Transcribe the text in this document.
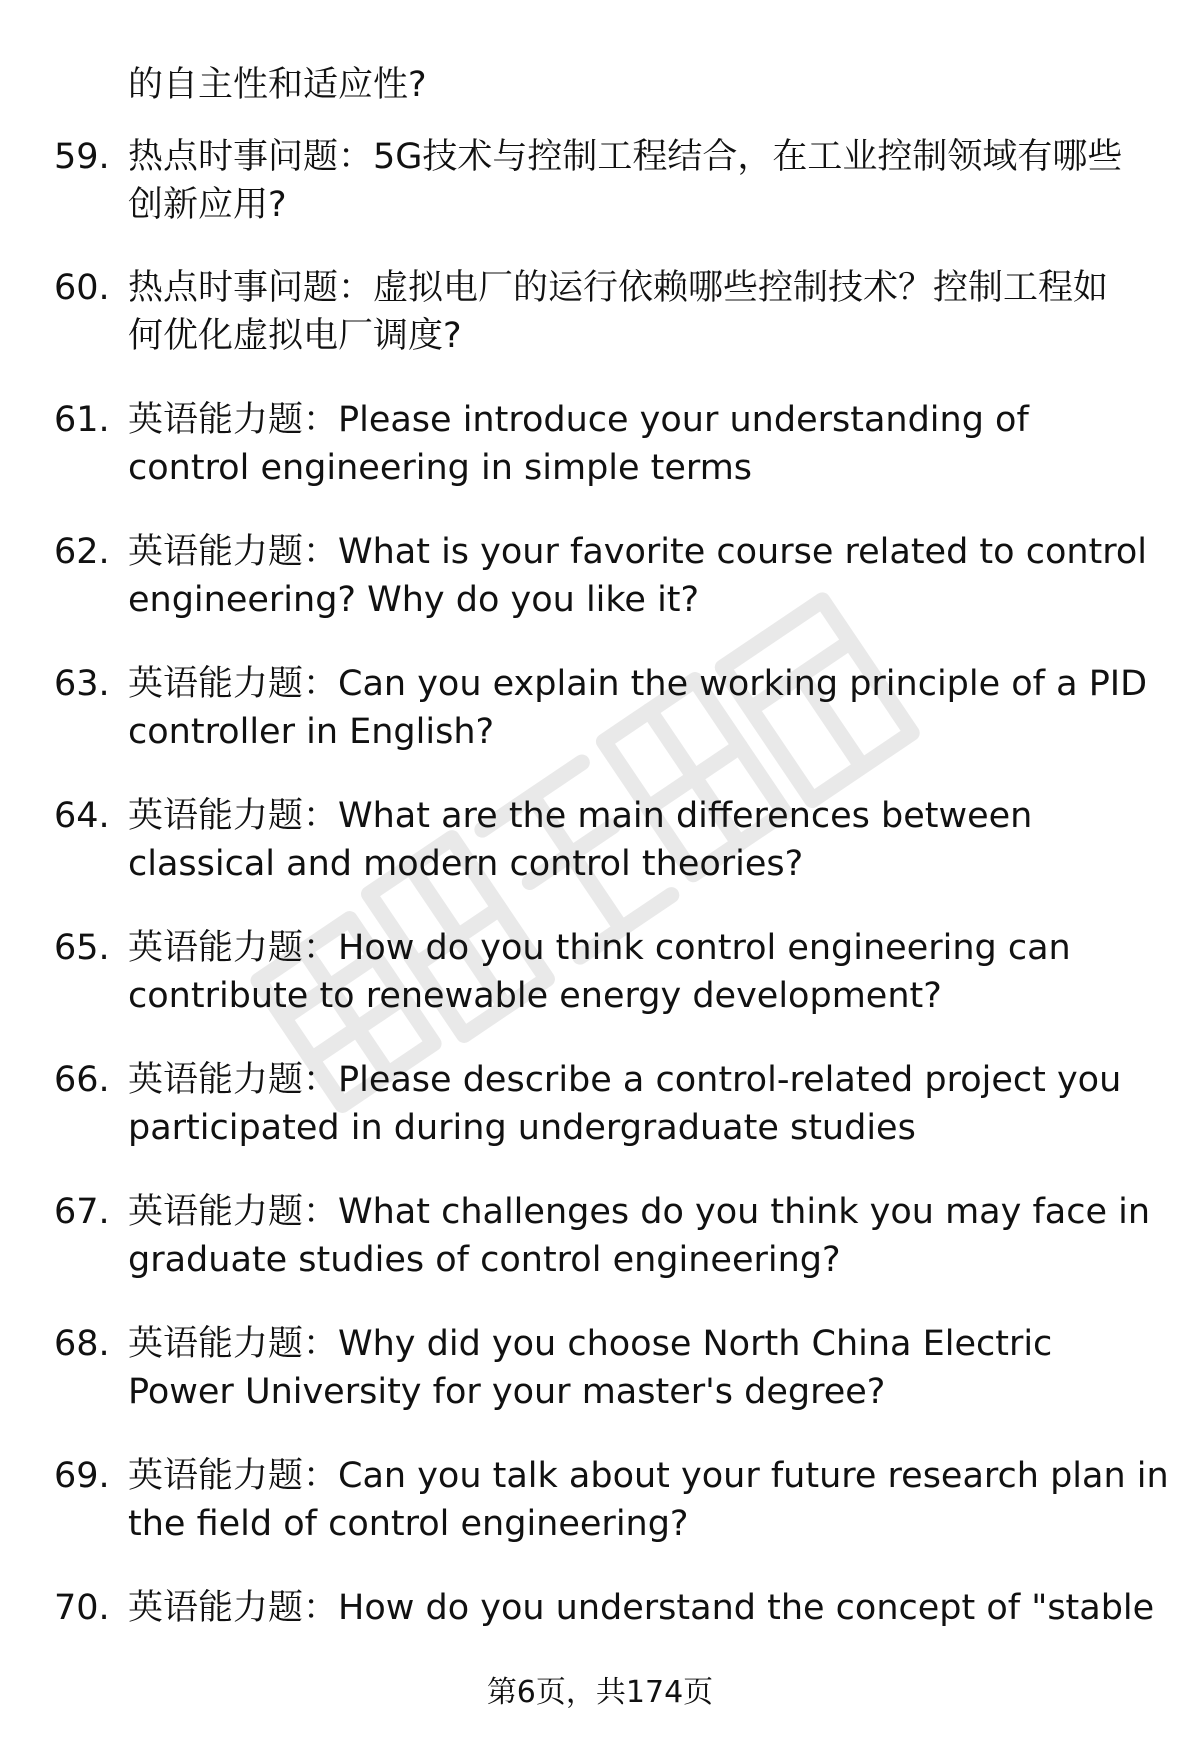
的自主性和适应性?
59. 热点时事问题：5G技术与控制工程结合，在工业控制领域有哪些
创新应用?
60. 热点时事问题：虚拟电厂的运行依赖哪些控制技术？控制工程如
何优化虚拟电厂调度?
61. 英语能力题：Please introduce your understanding of
control engineering in simple terms
62. 英语能力题：What is your favorite course related to control
engineering? Why do you like it?
63. 英语能力题：Can you explain the working principle of a PID
controller in English?
64. 英语能力题：What are the main differences between
classical and modern control theories?
65. 英语能力题：How do you think control engineering can
contribute to renewable energy development?
66. 英语能力题：Please describe a control-related project you
participated in during undergraduate studies
67. 英语能力题：What challenges do you think you may face in
graduate studies of control engineering?
68. 英语能力题：Why did you choose North China Electric
Power University for your master's degree?
69. 英语能力题：Can you talk about your future research plan in
the field of control engineering?
70. 英语能力题：How do you understand the concept of "stable
第6页，共174页
